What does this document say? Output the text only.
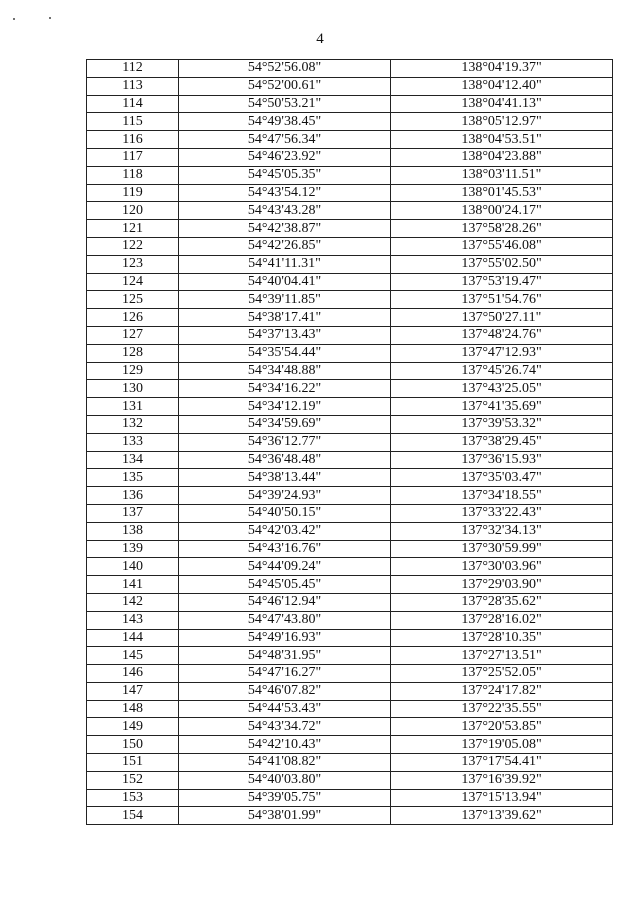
4
112	54°52'56.08"	138°04'19.37"
113	54°52'00.61"	138°04'12.40"
114	54°50'53.21"	138°04'41.13"
115	54°49'38.45"	138°05'12.97"
116	54°47'56.34"	138°04'53.51"
117	54°46'23.92"	138°04'23.88"
118	54°45'05.35"	138°03'11.51"
119	54°43'54.12"	138°01'45.53"
120	54°43'43.28"	138°00'24.17"
121	54°42'38.87"	137°58'28.26"
122	54°42'26.85"	137°55'46.08"
123	54°41'11.31"	137°55'02.50"
124	54°40'04.41"	137°53'19.47"
125	54°39'11.85"	137°51'54.76"
126	54°38'17.41"	137°50'27.11"
127	54°37'13.43"	137°48'24.76"
128	54°35'54.44"	137°47'12.93"
129	54°34'48.88"	137°45'26.74"
130	54°34'16.22"	137°43'25.05"
131	54°34'12.19"	137°41'35.69"
132	54°34'59.69"	137°39'53.32"
133	54°36'12.77"	137°38'29.45"
134	54°36'48.48"	137°36'15.93"
135	54°38'13.44"	137°35'03.47"
136	54°39'24.93"	137°34'18.55"
137	54°40'50.15"	137°33'22.43"
138	54°42'03.42"	137°32'34.13"
139	54°43'16.76"	137°30'59.99"
140	54°44'09.24"	137°30'03.96"
141	54°45'05.45"	137°29'03.90"
142	54°46'12.94"	137°28'35.62"
143	54°47'43.80"	137°28'16.02"
144	54°49'16.93"	137°28'10.35"
145	54°48'31.95"	137°27'13.51"
146	54°47'16.27"	137°25'52.05"
147	54°46'07.82"	137°24'17.82"
148	54°44'53.43"	137°22'35.55"
149	54°43'34.72"	137°20'53.85"
150	54°42'10.43"	137°19'05.08"
151	54°41'08.82"	137°17'54.41"
152	54°40'03.80"	137°16'39.92"
153	54°39'05.75"	137°15'13.94"
154	54°38'01.99"	137°13'39.62"
